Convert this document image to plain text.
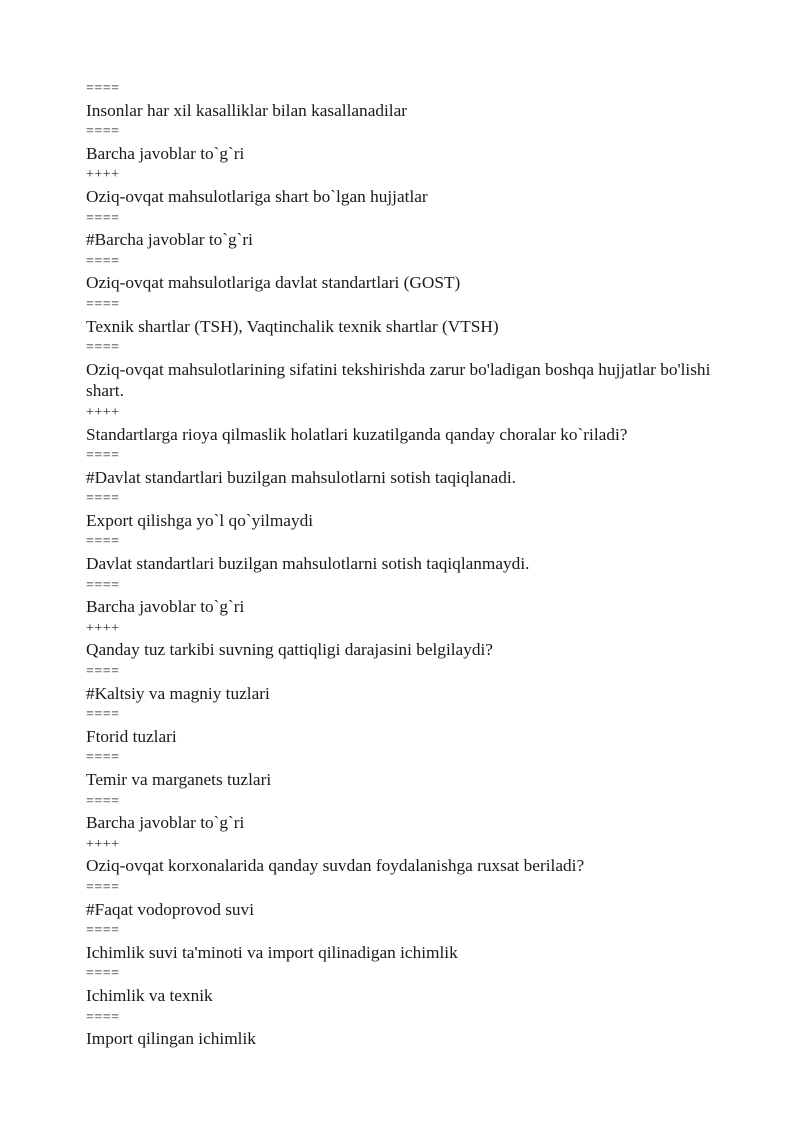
====
Insonlar har xil kasalliklar bilan kasallanadilar
====
Barcha javoblar to`g`ri
++++
Oziq-ovqat mahsulotlariga shart bo`lgan hujjatlar
====
#Barcha javoblar to`g`ri
====
Oziq-ovqat mahsulotlariga davlat standartlari (GOST)
====
Texnik shartlar (TSH), Vaqtinchalik texnik shartlar (VTSH)
====
Oziq-ovqat mahsulotlarining sifatini tekshirishda zarur bo'ladigan boshqa hujjatlar bo'lishi shart.
++++
Standartlarga rioya qilmaslik holatlari kuzatilganda qanday choralar ko`riladi?
====
#Davlat standartlari buzilgan mahsulotlarni sotish taqiqlanadi.
====
Export qilishga yo`l qo`yilmaydi
====
Davlat standartlari buzilgan mahsulotlarni sotish taqiqlanmaydi.
====
Barcha javoblar to`g`ri
++++
Qanday tuz tarkibi suvning qattiqligi darajasini belgilaydi?
====
#Kaltsiy va magniy tuzlari
====
Ftorid tuzlari
====
Temir va marganets tuzlari
====
Barcha javoblar to`g`ri
++++
Oziq-ovqat korxonalarida qanday suvdan foydalanishga ruxsat beriladi?
====
#Faqat vodoprovod suvi
====
Ichimlik suvi ta'minoti va import qilinadigan ichimlik
====
Ichimlik va texnik
====
Import qilingan ichimlik
